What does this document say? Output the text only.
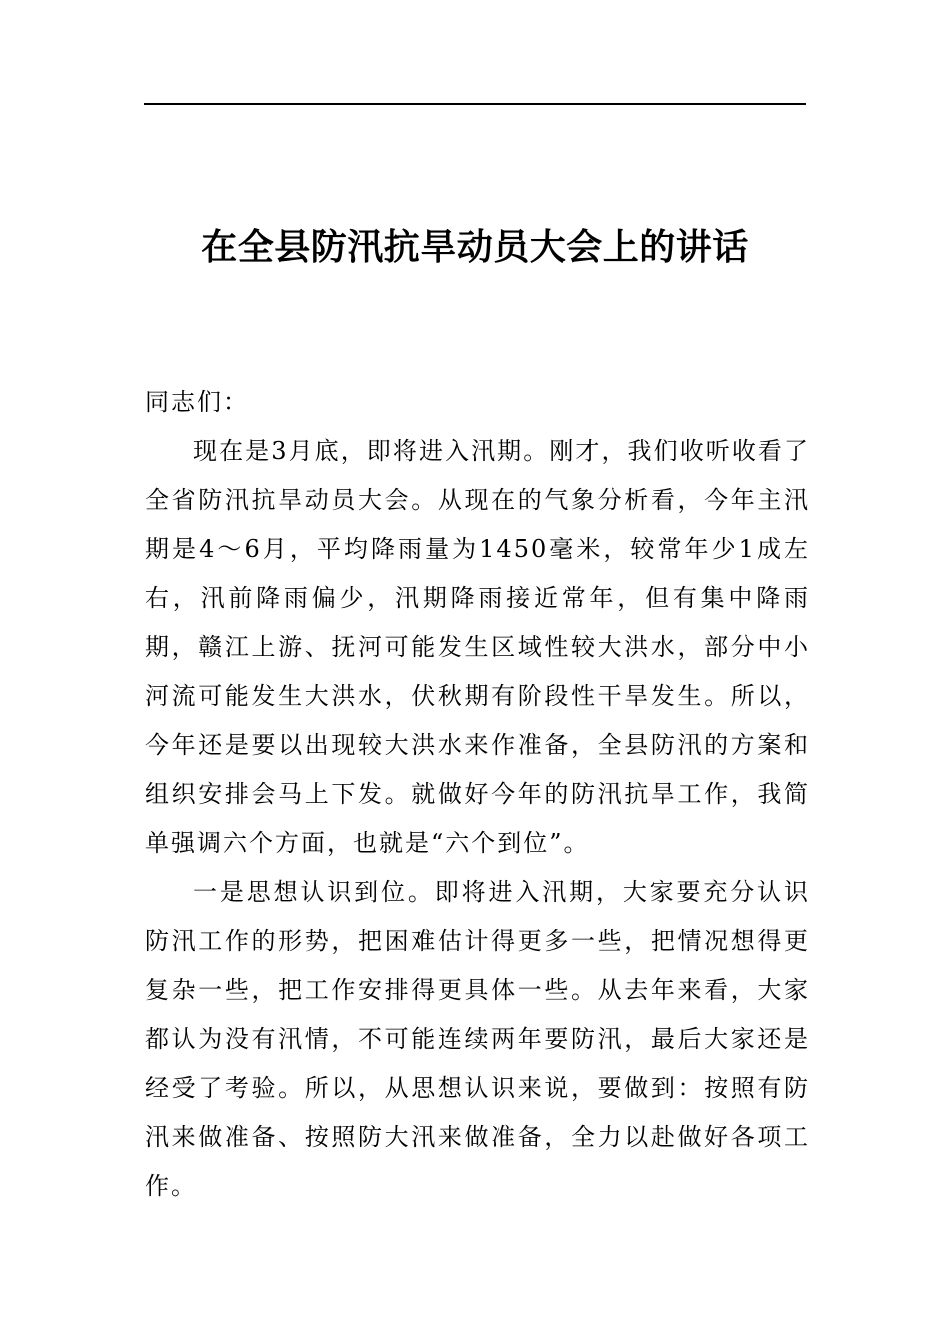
在全县防汛抗旱动员大会上的讲话

同志们：

现在是3月底，即将进入汛期。刚才，我们收听收看了全省防汛抗旱动员大会。从现在的气象分析看，今年主汛期是4～6月，平均降雨量为1450毫米，较常年少1成左右，汛前降雨偏少，汛期降雨接近常年，但有集中降雨期，赣江上游、抚河可能发生区域性较大洪水，部分中小河流可能发生大洪水，伏秋期有阶段性干旱发生。所以，今年还是要以出现较大洪水来作准备，全县防汛的方案和组织安排会马上下发。就做好今年的防汛抗旱工作，我简单强调六个方面，也就是“六个到位”。

一是思想认识到位。即将进入汛期，大家要充分认识防汛工作的形势，把困难估计得更多一些，把情况想得更复杂一些，把工作安排得更具体一些。从去年来看，大家都认为没有汛情，不可能连续两年要防汛，最后大家还是经受了考验。所以，从思想认识来说，要做到：按照有防汛来做准备、按照防大汛来做准备，全力以赴做好各项工作。
